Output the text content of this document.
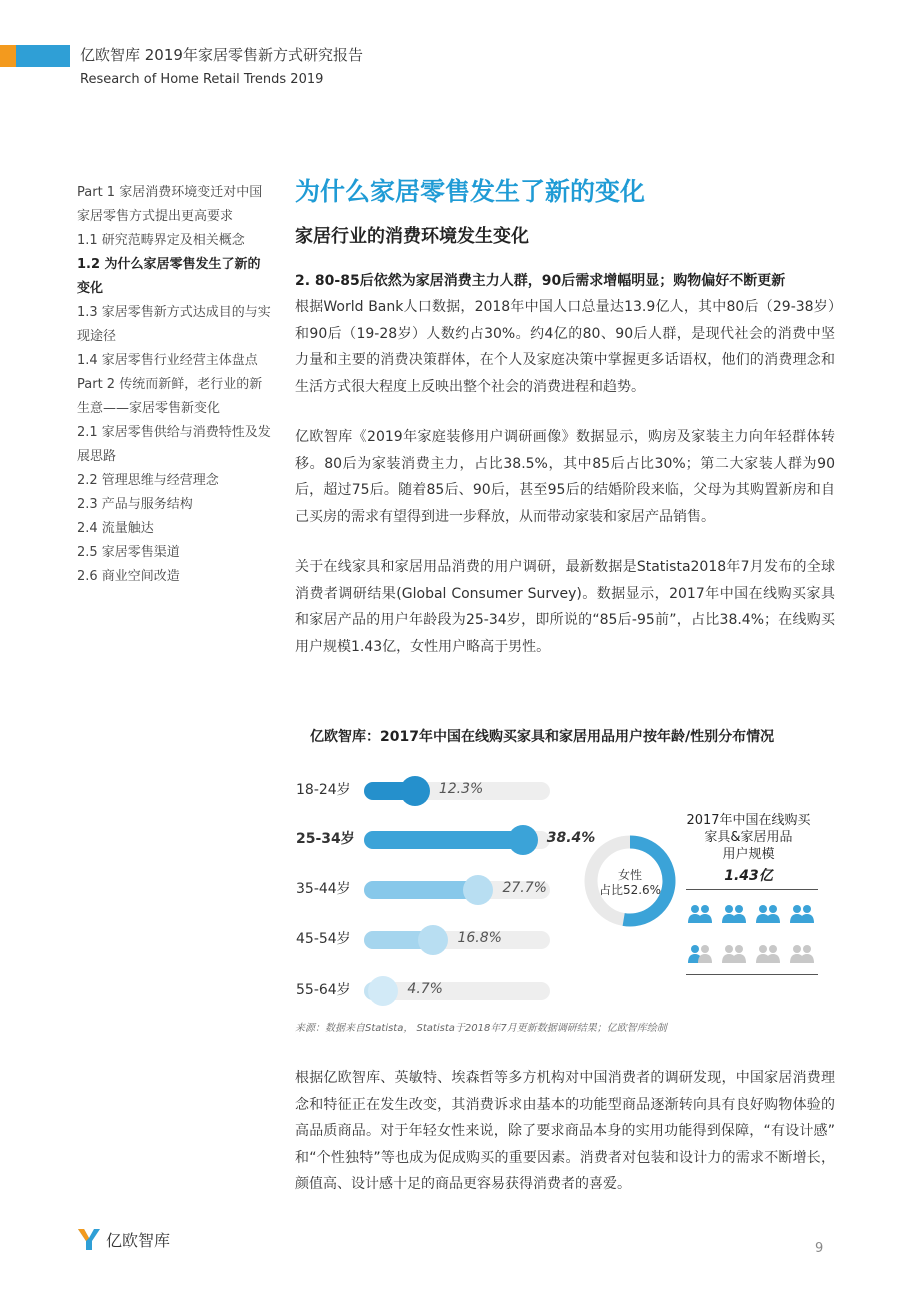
亿欧智库 2019年家居零售新方式研究报告
Research of Home Retail Trends 2019
Part 1 家居消费环境变迁对中国家居零售方式提出更高要求
1.1 研究范畴界定及相关概念
1.2 为什么家居零售发生了新的变化
1.3 家居零售新方式达成目的与实现途径
1.4 家居零售行业经营主体盘点
Part 2 传统而新鲜，老行业的新生意——家居零售新变化
2.1 家居零售供给与消费特性及发展思路
2.2 管理思维与经营理念
2.3 产品与服务结构
2.4 流量触达
2.5 家居零售渠道
2.6 商业空间改造
为什么家居零售发生了新的变化
家居行业的消费环境发生变化
2. 80-85后依然为家居消费主力人群，90后需求增幅明显；购物偏好不断更新

根据World Bank人口数据，2018年中国人口总量达13.9亿人，其中80后（29-38岁）和90后（19-28岁）人数约占30%。约4亿的80、90后人群，是现代社会的消费中坚力量和主要的消费决策群体，在个人及家庭决策中掌握更多话语权，他们的消费理念和生活方式很大程度上反映出整个社会的消费进程和趋势。

亿欧智库《2019年家庭装修用户调研画像》数据显示，购房及家装主力向年轻群体转移。80后为家装消费主力，占比38.5%，其中85后占比30%；第二大家装人群为90后，超过75后。随着85后、90后，甚至95后的结婚阶段来临，父母为其购置新房和自己买房的需求有望得到进一步释放，从而带动家装和家居产品销售。

关于在线家具和家居用品消费的用户调研，最新数据是Statista2018年7月发布的全球消费者调研结果(Global Consumer Survey)。数据显示，2017年中国在线购买家具和家居产品的用户年龄段为25-34岁，即所说的“85后-95前”，占比38.4%；在线购买用户规模1.43亿，女性用户略高于男性。

亿欧智库：2017年中国在线购买家具和家居用品用户按年龄/性别分布情况
18-24岁	12.3%
25-34岁	38.4%
35-44岁	27.7%
45-54岁	16.8%
55-64岁	4.7%
女性
占比52.6%
2017年中国在线购买
家具&家居用品
用户规模
1.43亿
来源：数据来自Statista， Statista于2018年7月更新数据调研结果；亿欧智库绘制
根据亿欧智库、英敏特、埃森哲等多方机构对中国消费者的调研发现，中国家居消费理念和特征正在发生改变，其消费诉求由基本的功能型商品逐渐转向具有良好购物体验的高品质商品。对于年轻女性来说，除了要求商品本身的实用功能得到保障，“有设计感” 和“个性独特”等也成为促成购买的重要因素。消费者对包装和设计力的需求不断增长，颜值高、设计感十足的商品更容易获得消费者的喜爱。
亿欧智库	9
